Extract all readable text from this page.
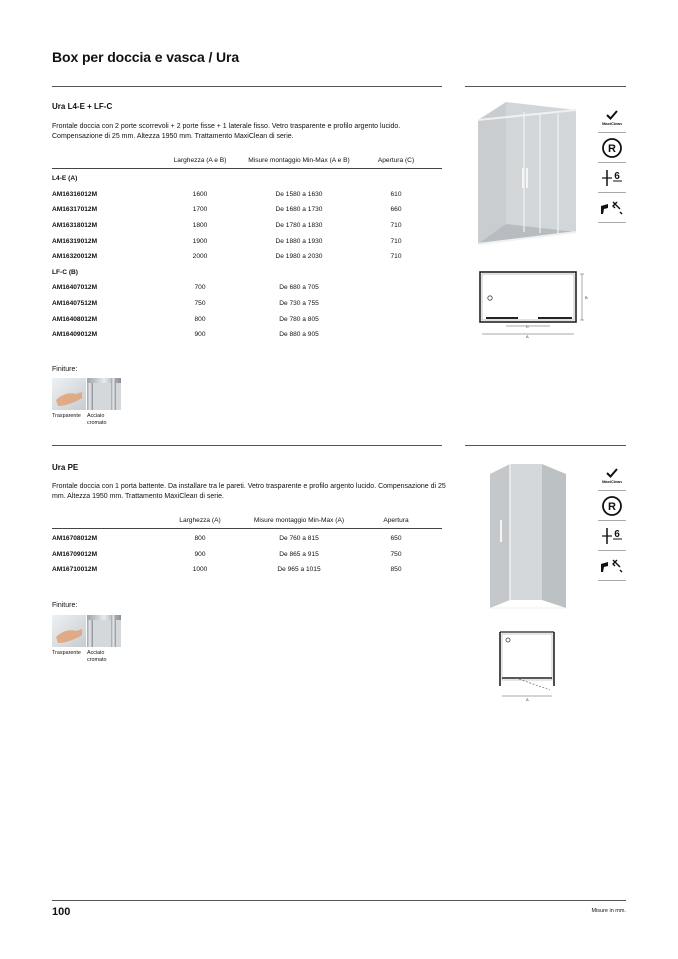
Box per doccia e vasca / Ura
Ura L4-E + LF-C
Frontale doccia con 2 porte scorrevoli + 2 porte fisse + 1 laterale fisso. Vetro trasparente e profilo argento lucido. Compensazione di 25 mm. Altezza 1950 mm. Trattamento MaxiClean di serie.
	Larghezza (A e B)	Misure montaggio Min-Max (A e B)	Apertura (C)

L4-E (A)			
AM16316012M	1600	De 1580 a 1630	610
AM16317012M	1700	De 1680 a 1730	660
AM16318012M	1800	De 1780 a 1830	710
AM16319012M	1900	De 1880 a 1930	710
AM16320012M	2000	De 1980 a 2030	710
LF-C (B)			
AM16407012M	700	De 680 a 705	
AM16407512M	750	De 730 a 755	
AM16408012M	800	De 780 a 805	
AM16409012M	900	De 880 a 905	
Finiture:
Trasparente	Acciaio cromato
MaxiClean
R
6
B
C
A
Ura PE
Frontale doccia con 1 porta battente. Da installare tra le pareti. Vetro trasparente e profilo argento lucido. Compensazione di 25 mm. Altezza 1950 mm. Trattamento MaxiClean di serie.
	Larghezza (A)	Misure montaggio Min-Max (A)	Apertura

AM16708012M	800	De 760 a 815	650
AM16709012M	900	De 865 a 915	750
AM16710012M	1000	De 965 a 1015	850
Finiture:
Trasparente	Acciaio cromato
MaxiClean
R
6
A
100	Misure in mm.
